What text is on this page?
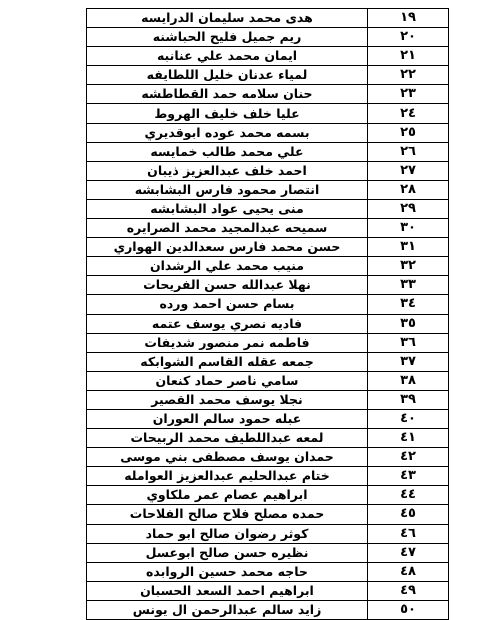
١٩	هدى محمد سليمان الدرايسه
٢٠	ريم جميل فليح الحباشنه
٢١	ايمان محمد علي عنانبه
٢٢	لمياء عدنان خليل اللطايفه
٢٣	حنان سلامه حمد القطاطشه
٢٤	عليا خلف خليف الهروط
٢٥	بسمه محمد عوده ابوقديري
٢٦	علي محمد طالب خمايسه
٢٧	احمد خلف عبدالعزيز ذيبان
٢٨	انتصار محمود فارس البشابشه
٢٩	منى يحيى عواد البشابشه
٣٠	سميحه عبدالمجيد محمد الصرايره
٣١	حسن محمد فارس سعدالدين الهواري
٣٢	منيب محمد علي الرشدان
٣٣	نهلا عبدالله حسن الفريحات
٣٤	بسام حسن احمد ورده
٣٥	فاديه نصري يوسف عتمه
٣٦	فاطمه نمر منصور شديفات
٣٧	جمعه عقله القاسم الشوابكه
٣٨	سامي ناصر حماد كنعان
٣٩	نجلا يوسف محمد القصير
٤٠	عبله حمود سالم العوران
٤١	لمعه عبداللطيف محمد الربيحات
٤٢	حمدان يوسف مصطفى بني موسى
٤٣	ختام عبدالحليم عبدالعزيز العوامله
٤٤	ابراهيم عصام عمر ملكاوي
٤٥	حمده مصلح فلاح صالح الفلاحات
٤٦	كوثر رضوان صالح ابو حماد
٤٧	نظيره حسن صالح ابوعسل
٤٨	حاجه محمد حسين الروابده
٤٩	ابراهيم احمد السعد الحسبان
٥٠	زايد سالم عبدالرحمن ال يونس
